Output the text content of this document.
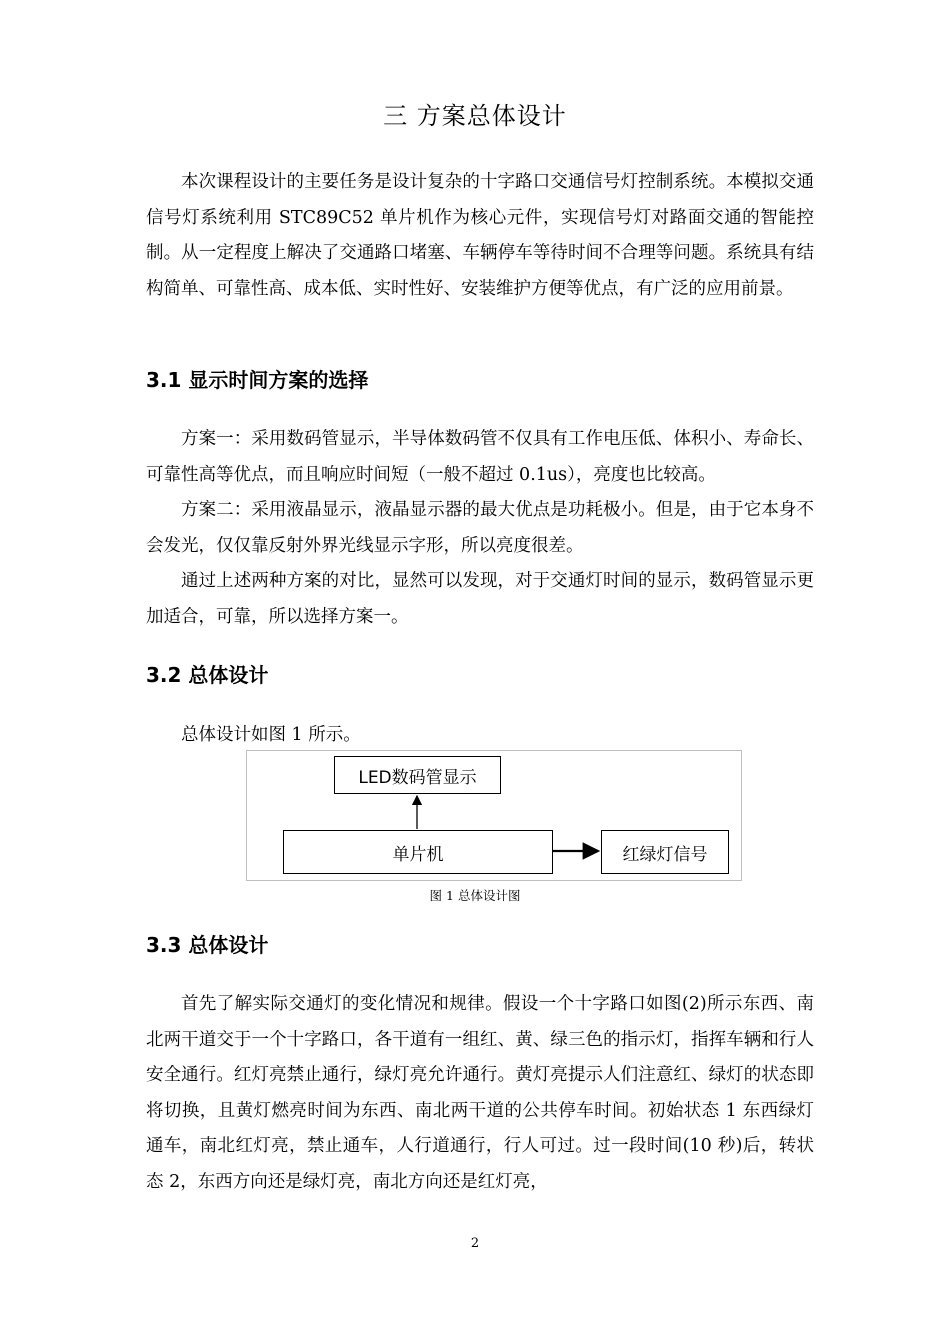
三 方案总体设计

本次课程设计的主要任务是设计复杂的十字路口交通信号灯控制系统。本模拟交通信号灯系统利用 STC89C52 单片机作为核心元件，实现信号灯对路面交通的智能控制。从一定程度上解决了交通路口堵塞、车辆停车等待时间不合理等问题。系统具有结构简单、可靠性高、成本低、实时性好、安装维护方便等优点，有广泛的应用前景。

3.1 显示时间方案的选择

方案一：采用数码管显示，半导体数码管不仅具有工作电压低、体积小、寿命长、可靠性高等优点，而且响应时间短（一般不超过 0.1us），亮度也比较高。

方案二：采用液晶显示，液晶显示器的最大优点是功耗极小。但是，由于它本身不会发光，仅仅靠反射外界光线显示字形，所以亮度很差。

通过上述两种方案的对比，显然可以发现，对于交通灯时间的显示，数码管显示更加适合，可靠，所以选择方案一。

3.2 总体设计

总体设计如图 1 所示。

LED数码管显示
单片机	红绿灯信号
图 1 总体设计图
3.3 总体设计

首先了解实际交通灯的变化情况和规律。假设一个十字路口如图(2)所示东西、南北两干道交于一个十字路口，各干道有一组红、黄、绿三色的指示灯，指挥车辆和行人安全通行。红灯亮禁止通行，绿灯亮允许通行。黄灯亮提示人们注意红、绿灯的状态即将切换，且黄灯燃亮时间为东西、南北两干道的公共停车时间。初始状态 1 东西绿灯通车，南北红灯亮，禁止通车，人行道通行，行人可过。过一段时间(10 秒)后，转状态 2，东西方向还是绿灯亮，南北方向还是红灯亮，

2
